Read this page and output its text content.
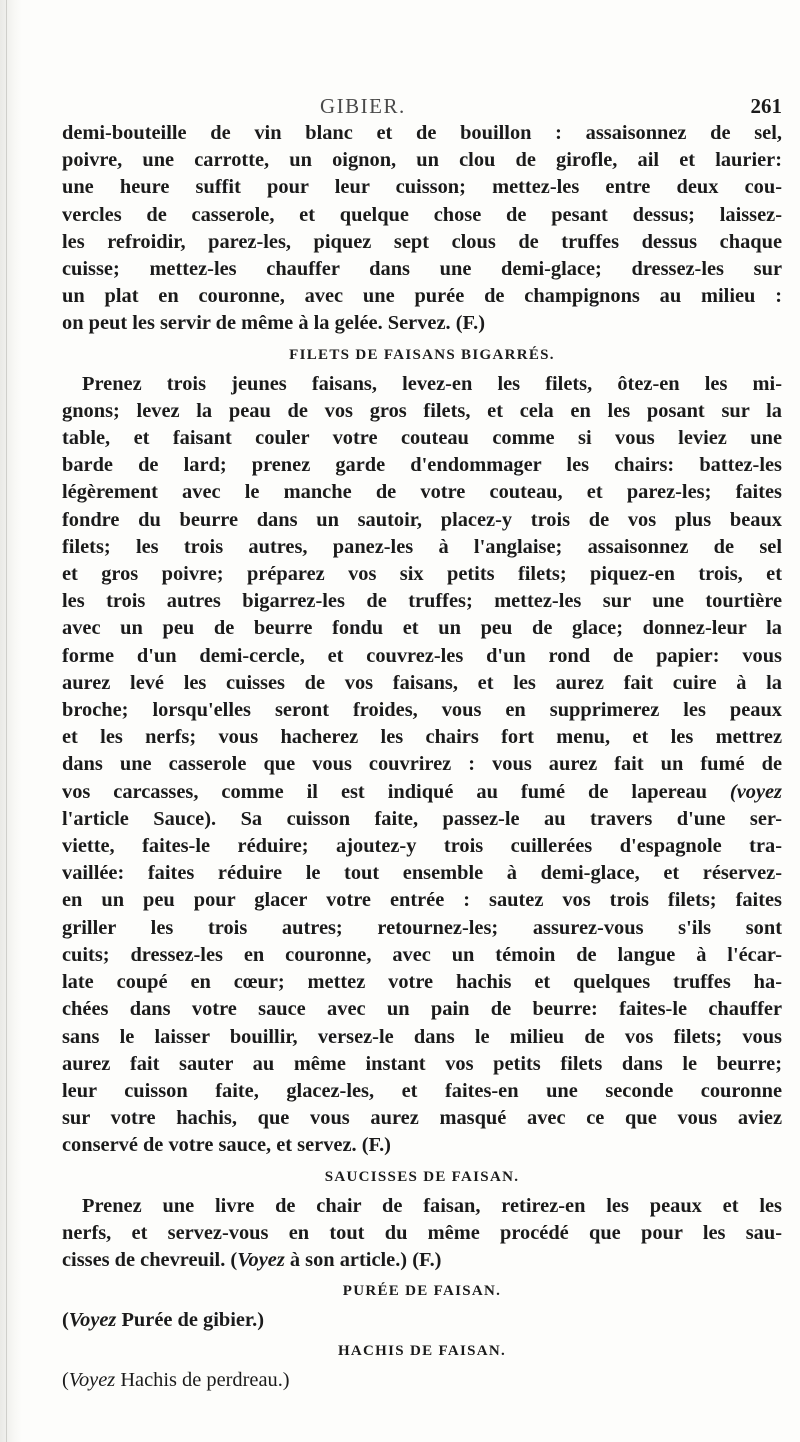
GIBIER.	261

demi-bouteille de vin blanc et de bouillon : assaisonnez de sel,

poivre, une carrotte, un oignon, un clou de girofle, ail et laurier:

une heure suffit pour leur cuisson; mettez-les entre deux cou-

vercles de casserole, et quelque chose de pesant dessus; laissez-

les refroidir, parez-les, piquez sept clous de truffes dessus chaque

cuisse; mettez-les chauffer dans une demi-glace; dressez-les sur

un plat en couronne, avec une purée de champignons au milieu :

on peut les servir de même à la gelée. Servez. (F.)

FILETS DE FAISANS BIGARRÉS.

Prenez trois jeunes faisans, levez-en les filets, ôtez-en les mi-

gnons; levez la peau de vos gros filets, et cela en les posant sur la

table, et faisant couler votre couteau comme si vous leviez une

barde de lard; prenez garde d'endommager les chairs: battez-les

légèrement avec le manche de votre couteau, et parez-les; faites

fondre du beurre dans un sautoir, placez-y trois de vos plus beaux

filets; les trois autres, panez-les à l'anglaise; assaisonnez de sel

et gros poivre; préparez vos six petits filets; piquez-en trois, et

les trois autres bigarrez-les de truffes; mettez-les sur une tourtière

avec un peu de beurre fondu et un peu de glace; donnez-leur la

forme d'un demi-cercle, et couvrez-les d'un rond de papier: vous

aurez levé les cuisses de vos faisans, et les aurez fait cuire à la

broche; lorsqu'elles seront froides, vous en supprimerez les peaux

et les nerfs; vous hacherez les chairs fort menu, et les mettrez

dans une casserole que vous couvrirez : vous aurez fait un fumé de

vos carcasses, comme il est indiqué au fumé de lapereau (voyez

l'article Sauce). Sa cuisson faite, passez-le au travers d'une ser-

viette, faites-le réduire; ajoutez-y trois cuillerées d'espagnole tra-

vaillée: faites réduire le tout ensemble à demi-glace, et réservez-

en un peu pour glacer votre entrée : sautez vos trois filets; faites

griller les trois autres; retournez-les; assurez-vous s'ils sont

cuits; dressez-les en couronne, avec un témoin de langue à l'écar-

late coupé en cœur; mettez votre hachis et quelques truffes ha-

chées dans votre sauce avec un pain de beurre: faites-le chauffer

sans le laisser bouillir, versez-le dans le milieu de vos filets; vous

aurez fait sauter au même instant vos petits filets dans le beurre;

leur cuisson faite, glacez-les, et faites-en une seconde couronne

sur votre hachis, que vous aurez masqué avec ce que vous aviez

conservé de votre sauce, et servez. (F.)

SAUCISSES DE FAISAN.

Prenez une livre de chair de faisan, retirez-en les peaux et les

nerfs, et servez-vous en tout du même procédé que pour les sau-

cisses de chevreuil. (Voyez à son article.) (F.)

PURÉE DE FAISAN.

(Voyez Purée de gibier.)

HACHIS DE FAISAN.

(Voyez Hachis de perdreau.)
